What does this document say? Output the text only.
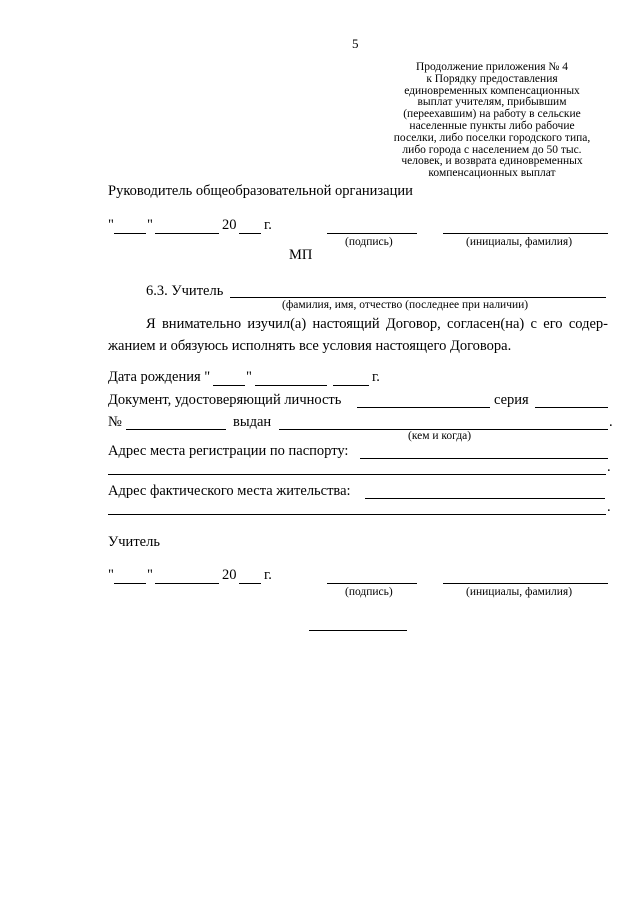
5
Продолжение приложения № 4
к Порядку предоставления
единовременных компенсационных
выплат учителям, прибывшим
(переехавшим) на работу в сельские
населенные пункты либо рабочие
поселки, либо поселки городского типа,
либо города с населением до 50 тыс.
человек, и возврата единовременных
компенсационных выплат
Руководитель общеобразовательной организации
" "	20 г.
(подпись)	(инициалы, фамилия)
МП
6.3. Учитель
(фамилия, имя, отчество (последнее при наличии)
Я внимательно изучил(а) настоящий Договор, согласен(на) с его содер-
жанием и обязуюсь исполнять все условия настоящего Договора.
Дата рождения " "	г.
Документ, удостоверяющий личность	серия
№	выдан	.
(кем и когда)
Адрес места регистрации по паспорту:
.
Адрес фактического места жительства:
.
Учитель
" "	20 г.
(подпись)	(инициалы, фамилия)
